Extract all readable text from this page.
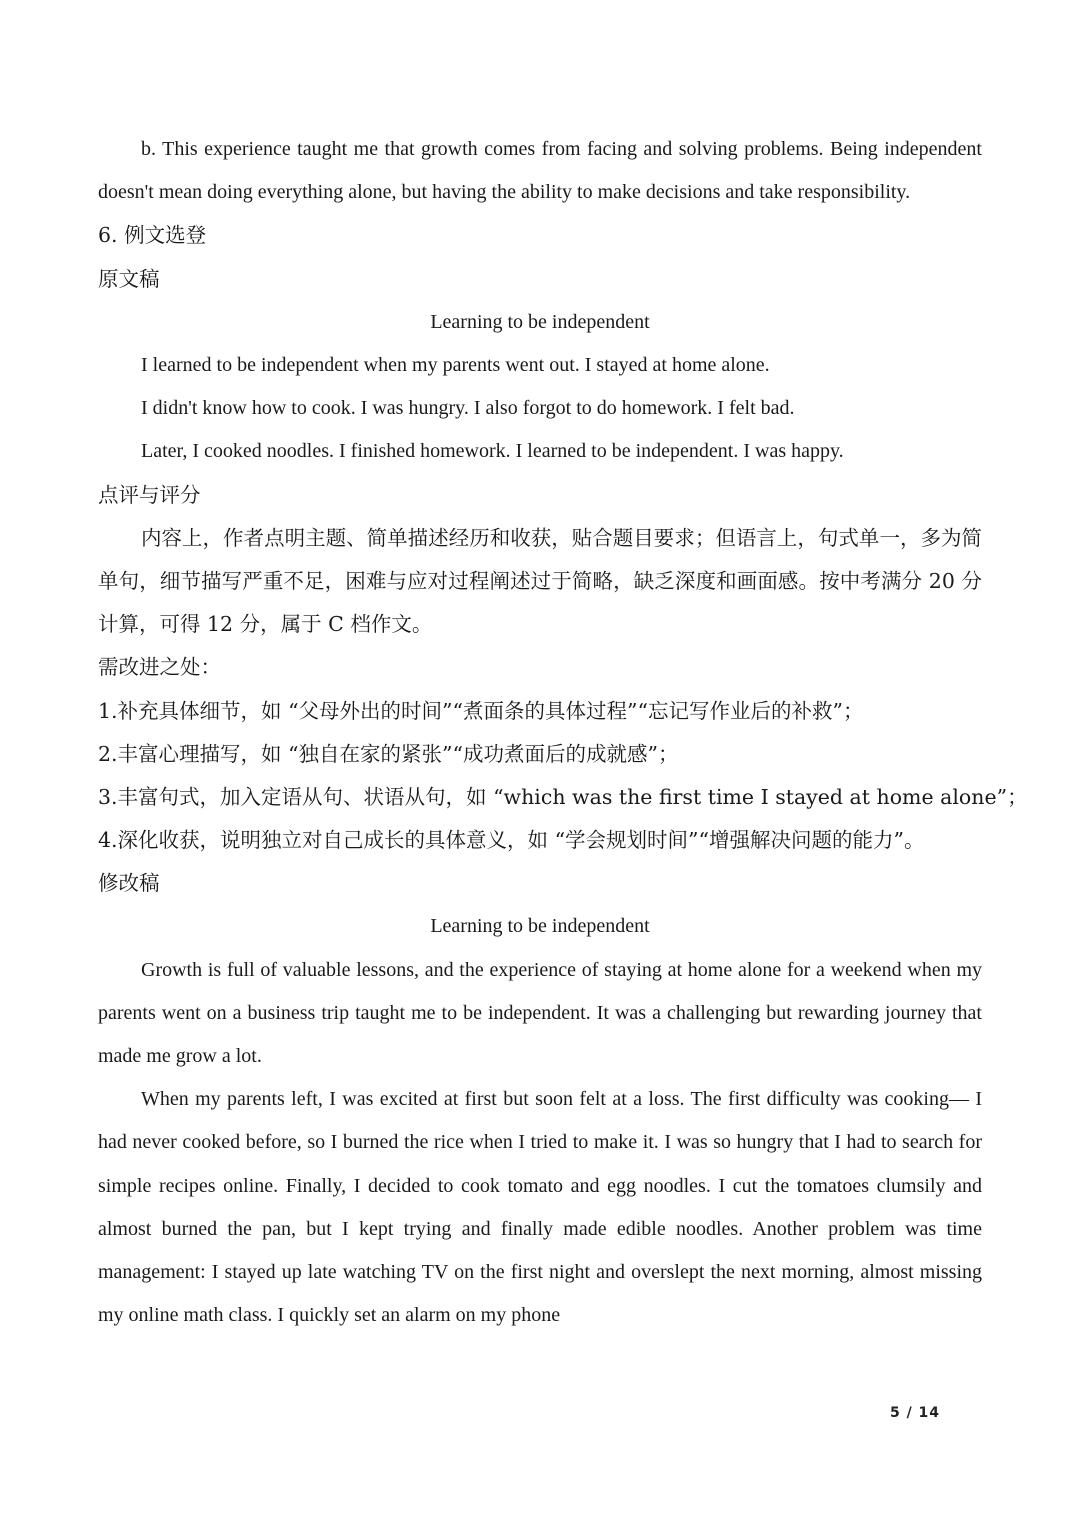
b. This experience taught me that growth comes from facing and solving problems. Being independent doesn't mean doing everything alone, but having the ability to make decisions and take responsibility.
6. 例文选登
原文稿
Learning to be independent
I learned to be independent when my parents went out. I stayed at home alone.
I didn't know how to cook. I was hungry. I also forgot to do homework. I felt bad.
Later, I cooked noodles. I finished homework. I learned to be independent. I was happy.
点评与评分
内容上，作者点明主题、简单描述经历和收获，贴合题目要求；但语言上，句式单一，多为简单句，细节描写严重不足，困难与应对过程阐述过于简略，缺乏深度和画面感。按中考满分 20 分计算，可得 12 分，属于 C 档作文。
需改进之处：
1.补充具体细节，如 “父母外出的时间”“煮面条的具体过程”“忘记写作业后的补救”；
2.丰富心理描写，如 “独自在家的紧张”“成功煮面后的成就感”；
3.丰富句式，加入定语从句、状语从句，如 “which was the first time I stayed at home alone”；
4.深化收获，说明独立对自己成长的具体意义，如 “学会规划时间”“增强解决问题的能力”。
修改稿
Learning to be independent
Growth is full of valuable lessons, and the experience of staying at home alone for a weekend when my parents went on a business trip taught me to be independent. It was a challenging but rewarding journey that made me grow a lot.
When my parents left, I was excited at first but soon felt at a loss. The first difficulty was cooking— I had never cooked before, so I burned the rice when I tried to make it. I was so hungry that I had to search for simple recipes online. Finally, I decided to cook tomato and egg noodles. I cut the tomatoes clumsily and almost burned the pan, but I kept trying and finally made edible noodles. Another problem was time management: I stayed up late watching TV on the first night and overslept the next morning, almost missing my online math class. I quickly set an alarm on my phone
5 / 14
